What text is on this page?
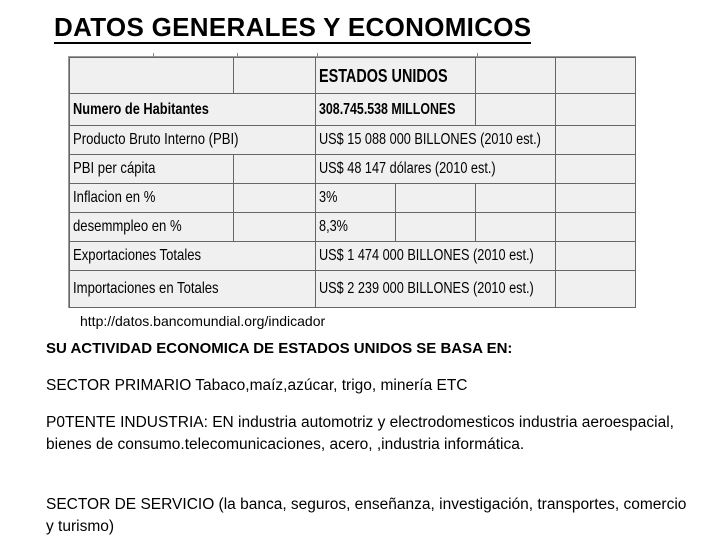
DATOS GENERALES Y ECONOMICOS
		ESTADOS UNIDOS			
Numero de Habitantes		308.745.538 MILLONES			
Producto Bruto Interno (PBI)		US$ 15 088 000 BILLONES (2010 est.)			
PBI per cápita		US$ 48 147 dólares (2010 est.)			
Inflacion en %		3%			
desemmpleo en %		8,3%			
Exportaciones Totales		US$ 1 474 000 BILLONES (2010 est.)			
Importaciones en Totales		US$ 2 239 000 BILLONES (2010 est.)			
http://datos.bancomundial.org/indicador
SU ACTIVIDAD ECONOMICA DE ESTADOS UNIDOS SE BASA EN:
SECTOR PRIMARIO Tabaco,maíz,azúcar, trigo, minería ETC
P0TENTE INDUSTRIA: EN industria automotriz y electrodomesticos industria aeroespacial, bienes de consumo.telecomunicaciones, acero, ,industria informática.
SECTOR DE SERVICIO (la banca, seguros, enseñanza, investigación, transportes, comercio y turismo)
